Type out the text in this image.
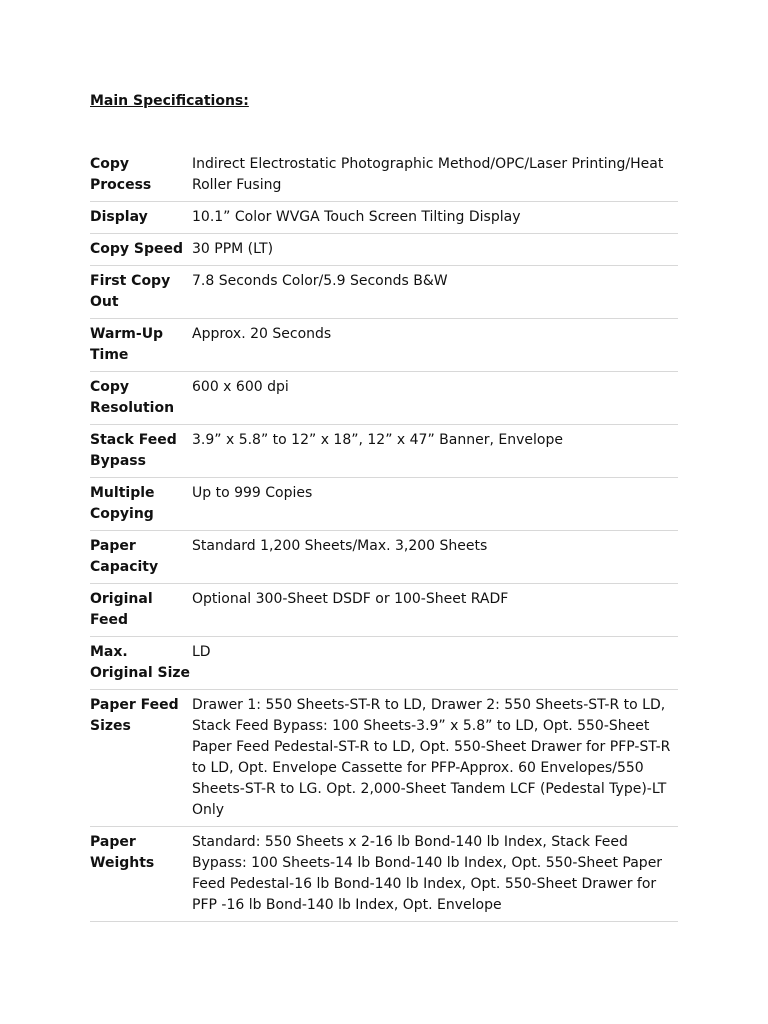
Main Specifications:

Copy Process	Indirect Electrostatic Photographic Method/OPC/Laser Printing/Heat Roller Fusing
Display	10.1” Color WVGA Touch Screen Tilting Display
Copy Speed	30 PPM (LT)
First Copy Out	7.8 Seconds Color/5.9 Seconds B&W
Warm-Up Time	Approx. 20 Seconds
Copy Resolution	600 x 600 dpi
Stack Feed Bypass	3.9” x 5.8” to 12” x 18”, 12” x 47” Banner, Envelope
Multiple Copying	Up to 999 Copies
Paper Capacity	Standard 1,200 Sheets/Max. 3,200 Sheets
Original Feed	Optional 300-Sheet DSDF or 100-Sheet RADF
Max. Original Size	LD
Paper Feed Sizes	Drawer 1: 550 Sheets-ST-R to LD, Drawer 2: 550 Sheets-ST-R to LD, Stack Feed Bypass: 100 Sheets-3.9” x 5.8” to LD, Opt. 550-Sheet Paper Feed Pedestal-ST-R to LD, Opt. 550-Sheet Drawer for PFP-ST-R to LD, Opt. Envelope Cassette for PFP-Approx. 60 Envelopes/550 Sheets-ST-R to LG. Opt. 2,000-Sheet Tandem LCF (Pedestal Type)-LT Only
Paper Weights	Standard: 550 Sheets x 2-16 lb Bond-140 lb Index, Stack Feed Bypass: 100 Sheets-14 lb Bond-140 lb Index, Opt. 550-Sheet Paper Feed Pedestal-16 lb Bond-140 lb Index, Opt. 550-Sheet Drawer for PFP -16 lb Bond-140 lb Index, Opt. Envelope
